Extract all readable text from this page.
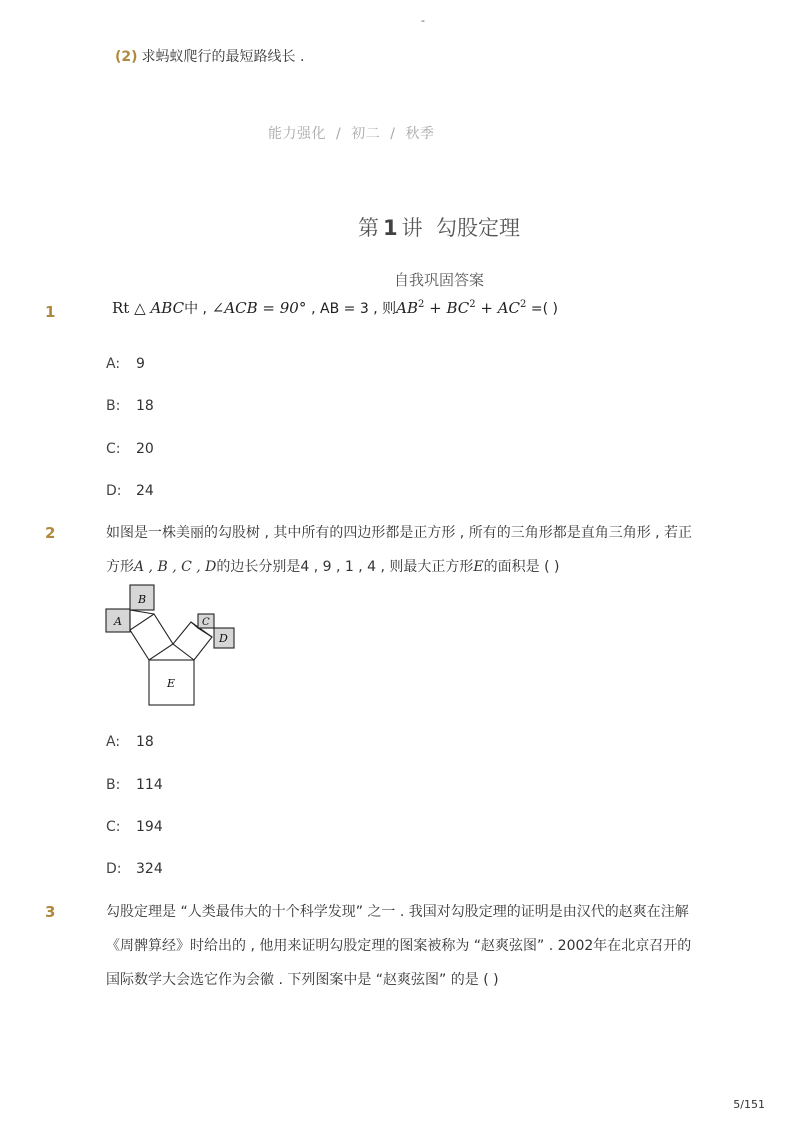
-
(2) 求蚂蚁爬行的最短路线长 .
能力强化 / 初二 / 秋季
第 1 讲 勾股定理
自我巩固答案
1	Rt △ ABC中 , ∠ACB = 90° , AB = 3 , 则$AB^2 + BC^2 + AC^2$ =( )
A: 9
B: 18
C: 20
D: 24
2	如图是一株美丽的勾股树 , 其中所有的四边形都是正方形 , 所有的三角形都是直角三角形 , 若正
方形A , B , C , D的边长分别是4 , 9 , 1 , 4 , 则最大正方形E的面积是 ( )
A
B
C
D
E
A: 18
B: 114
C: 194
D: 324
3	勾股定理是 “人类最伟大的十个科学发现” 之一 . 我国对勾股定理的证明是由汉代的赵爽在注解
《周髀算经》时给出的 , 他用来证明勾股定理的图案被称为 “赵爽弦图” . 2002年在北京召开的
国际数学大会选它作为会徽 . 下列图案中是 “赵爽弦图” 的是 ( )
5/151
